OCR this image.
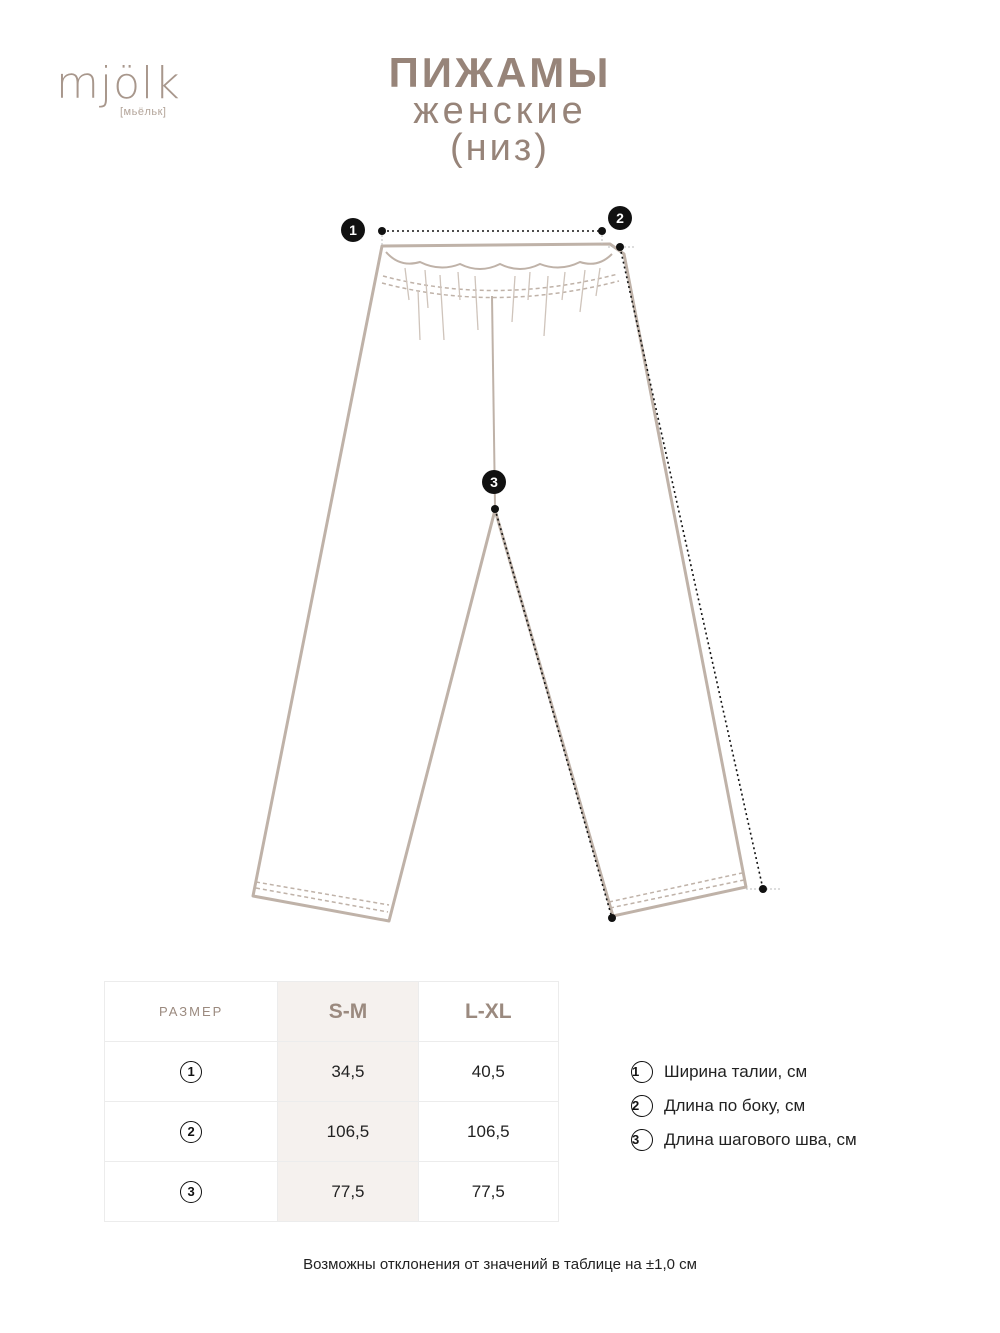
mjölk
[мьёльк]
ПИЖАМЫ
женские
(низ)
1
2
3
РАЗМЕР	S-M	L-XL
1	34,5	40,5
2	106,5	106,5
3	77,5	77,5
1	Ширина талии, см
2	Длина по боку, см
3	Длина шагового шва, см
Возможны отклонения от значений в таблице на ±1,0 см
